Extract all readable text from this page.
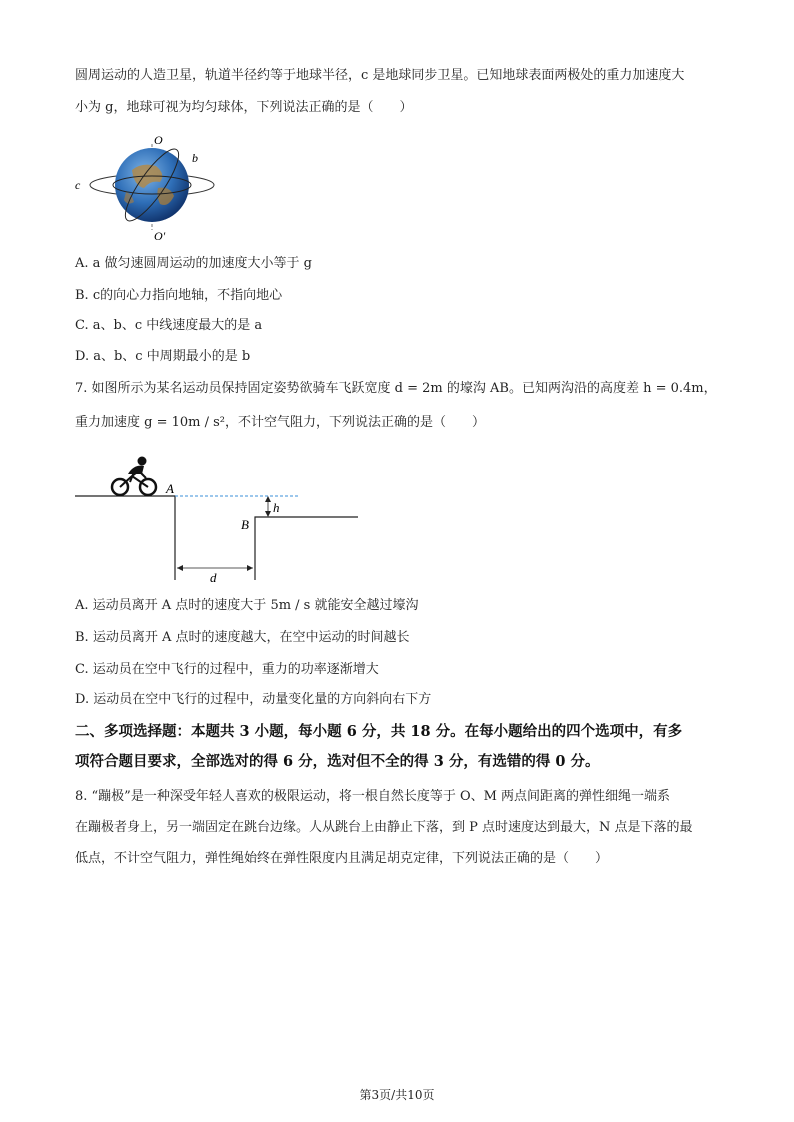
圆周运动的人造卫星，轨道半径约等于地球半径，c 是地球同步卫星。已知地球表面两极处的重力加速度大
小为 g，地球可视为均匀球体，下列说法正确的是（　　）
O
O'
b
c a
A. a 做匀速圆周运动的加速度大小等于 g
B. c的向心力指向地轴，不指向地心
C. a、b、c 中线速度最大的是 a
D. a、b、c 中周期最小的是 b
7. 如图所示为某名运动员保持固定姿势欲骑车飞跃宽度 d = 2m 的壕沟 AB。已知两沟沿的高度差 h = 0.4m，
重力加速度 g = 10m / s²，不计空气阻力，下列说法正确的是（　　）
A
B
h
d
A. 运动员离开 A 点时的速度大于 5m / s 就能安全越过壕沟
B. 运动员离开 A 点时的速度越大，在空中运动的时间越长
C. 运动员在空中飞行的过程中，重力的功率逐渐增大
D. 运动员在空中飞行的过程中，动量变化量的方向斜向右下方
二、多项选择题：本题共 3 小题，每小题 6 分，共 18 分。在每小题给出的四个选项中，有多
项符合题目要求，全部选对的得 6 分，选对但不全的得 3 分，有选错的得 0 分。
8. “蹦极”是一种深受年轻人喜欢的极限运动，将一根自然长度等于 O、M 两点间距离的弹性细绳一端系
在蹦极者身上，另一端固定在跳台边缘。人从跳台上由静止下落，到 P 点时速度达到最大，N 点是下落的最
低点，不计空气阻力，弹性绳始终在弹性限度内且满足胡克定律，下列说法正确的是（　　）
第3页/共10页
